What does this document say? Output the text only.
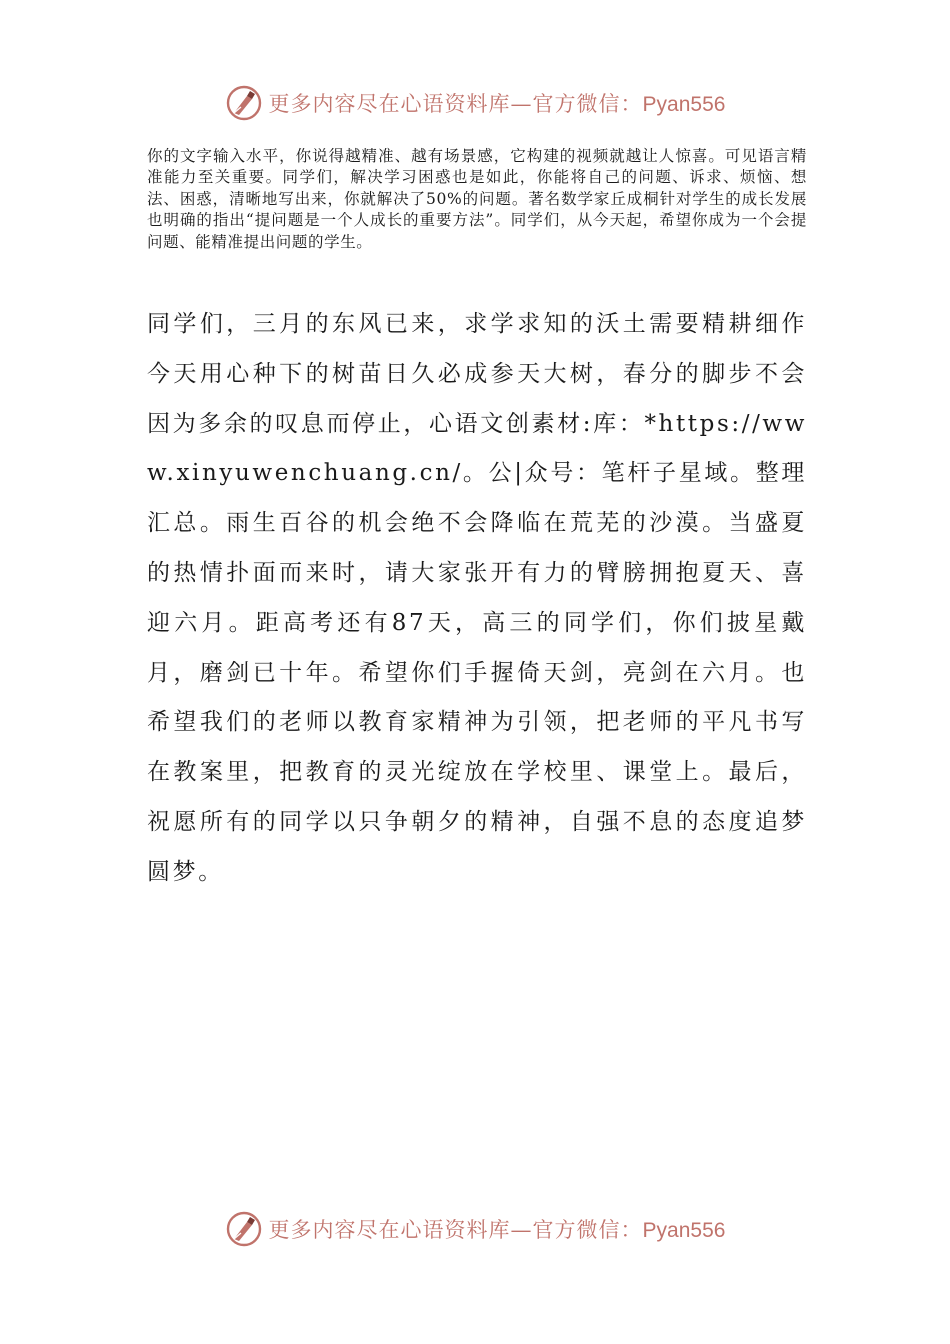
更多内容尽在心语资料库—官方微信：Pyan556

你的文字输入水平，你说得越精准、越有场景感，它构建的视频就越让人惊喜。可见语言精准能力至关重要。同学们，解决学习困惑也是如此，你能将自己的问题、诉求、烦恼、想法、困惑，清晰地写出来，你就解决了50%的问题。著名数学家丘成桐针对学生的成长发展也明确的指出“提问题是一个人成长的重要方法”。同学们，从今天起，希望你成为一个会提问题、能精准提出问题的学生。

同学们，三月的东风已来，求学求知的沃土需要精耕细作今天用心种下的树苗日久必成参天大树，春分的脚步不会因为多余的叹息而停止，心语文创素材:库：*https://www.xinyuwenchuang.cn/。公|众号：笔杆子星域。整理汇总。雨生百谷的机会绝不会降临在荒芜的沙漠。当盛夏的热情扑面而来时，请大家张开有力的臂膀拥抱夏天、喜迎六月。距高考还有87天，高三的同学们，你们披星戴月，磨剑已十年。希望你们手握倚天剑，亮剑在六月。也希望我们的老师以教育家精神为引领，把老师的平凡书写在教案里，把教育的灵光绽放在学校里、课堂上。最后，祝愿所有的同学以只争朝夕的精神，自强不息的态度追梦圆梦。

更多内容尽在心语资料库—官方微信：Pyan556
